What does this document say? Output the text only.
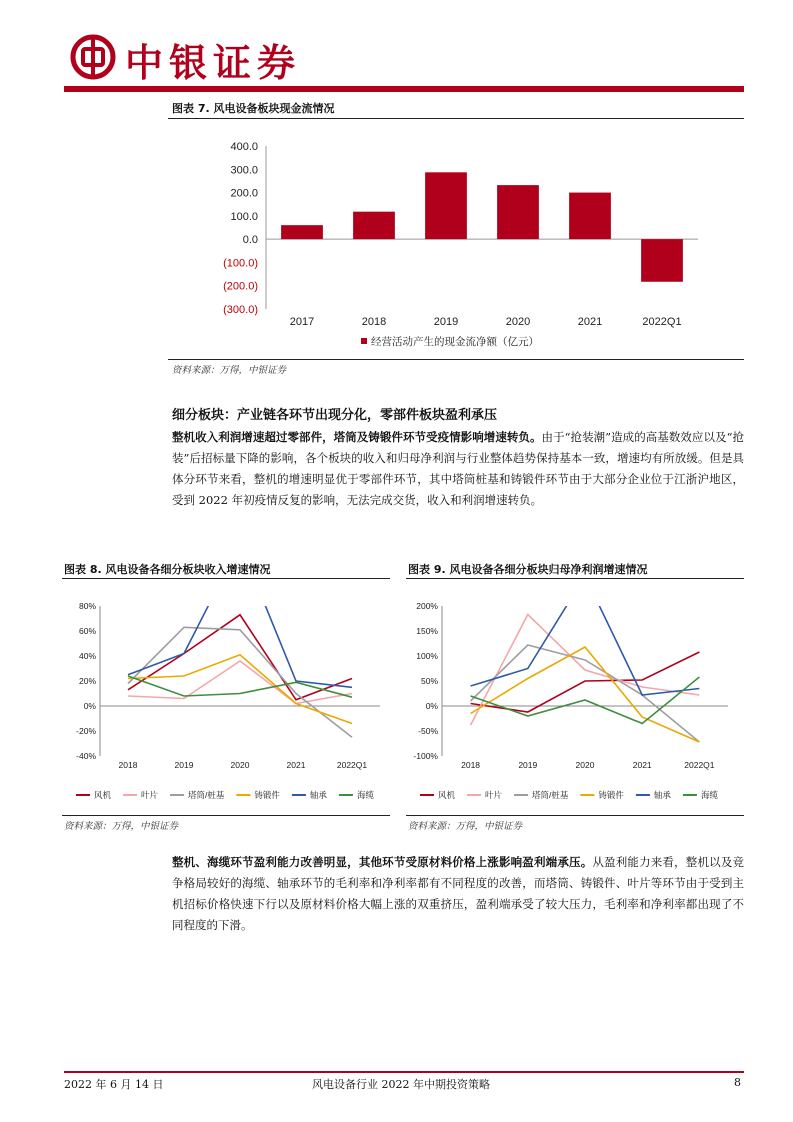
中银证券
图表 7. 风电设备板块现金流情况
400.0
300.0
200.0
100.0
0.0
(100.0)
(200.0)
(300.0)
2017	2018	2019	2020	2021	2022Q1
经营活动产生的现金流净额（亿元）
资料来源：万得，中银证券
细分板块：产业链各环节出现分化，零部件板块盈利承压
整机收入利润增速超过零部件，塔筒及铸锻件环节受疫情影响增速转负。由于“抢装潮”造成的高基数效应以及“抢装”后招标量下降的影响，各个板块的收入和归母净利润与行业整体趋势保持基本一致，增速均有所放缓。但是具体分环节来看，整机的增速明显优于零部件环节，其中塔筒桩基和铸锻件环节由于大部分企业位于江浙沪地区，受到 2022 年初疫情反复的影响，无法完成交货，收入和利润增速转负。
图表 8. 风电设备各细分板块收入增速情况
80%
60%
40%
20%
0%
-20%
-40%
2018	2019	2020	2021	2022Q1
风机	叶片	塔筒/桩基	铸锻件	轴承	海缆
资料来源：万得，中银证券
图表 9. 风电设备各细分板块归母净利润增速情况
200%
150%
100%
50%
0%
-50%
-100%
2018	2019	2020	2021	2022Q1
风机	叶片	塔筒/桩基	铸锻件	轴承	海缆
资料来源：万得，中银证券
整机、海缆环节盈利能力改善明显，其他环节受原材料价格上涨影响盈利端承压。从盈利能力来看，整机以及竞争格局较好的海缆、轴承环节的毛利率和净利率都有不同程度的改善，而塔筒、铸锻件、叶片等环节由于受到主机招标价格快速下行以及原材料价格大幅上涨的双重挤压，盈利端承受了较大压力，毛利率和净利率都出现了不同程度的下滑。
2022 年 6 月 14 日	风电设备行业 2022 年中期投资策略	8
